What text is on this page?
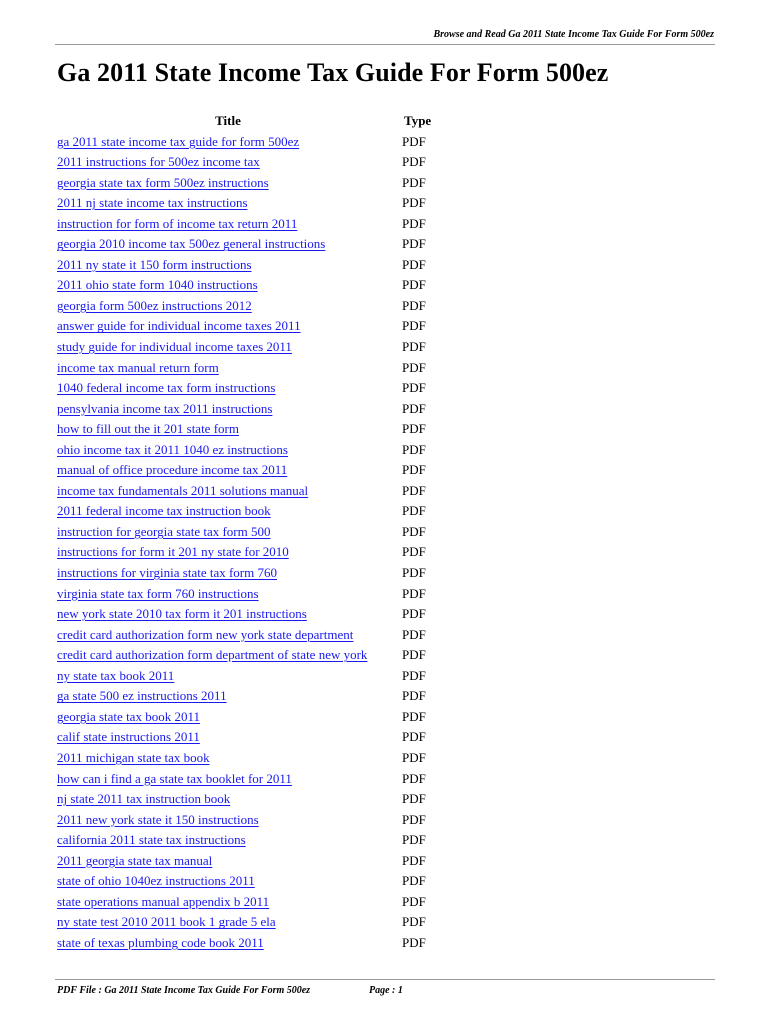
Browse and Read Ga 2011 State Income Tax Guide For Form 500ez
Ga 2011 State Income Tax Guide For Form 500ez
Title	Type
ga 2011 state income tax guide for form 500ez	PDF
2011 instructions for 500ez income tax	PDF
georgia state tax form 500ez instructions	PDF
2011 nj state income tax instructions	PDF
instruction for form of income tax return 2011	PDF
georgia 2010 income tax 500ez general instructions	PDF
2011 ny state it 150 form instructions	PDF
2011 ohio state form 1040 instructions	PDF
georgia form 500ez instructions 2012	PDF
answer guide for individual income taxes 2011	PDF
study guide for individual income taxes 2011	PDF
income tax manual return form	PDF
1040 federal income tax form instructions	PDF
pensylvania income tax 2011 instructions	PDF
how to fill out the it 201 state form	PDF
ohio income tax it 2011 1040 ez instructions	PDF
manual of office procedure income tax 2011	PDF
income tax fundamentals 2011 solutions manual	PDF
2011 federal income tax instruction book	PDF
instruction for georgia state tax form 500	PDF
instructions for form it 201 ny state for 2010	PDF
instructions for virginia state tax form 760	PDF
virginia state tax form 760 instructions	PDF
new york state 2010 tax form it 201 instructions	PDF
credit card authorization form new york state department	PDF
credit card authorization form department of state new york	PDF
ny state tax book 2011	PDF
ga state 500 ez instructions 2011	PDF
georgia state tax book 2011	PDF
calif state instructions 2011	PDF
2011 michigan state tax book	PDF
how can i find a ga state tax booklet for 2011	PDF
nj state 2011 tax instruction book	PDF
2011 new york state it 150 instructions	PDF
california 2011 state tax instructions	PDF
2011 georgia state tax manual	PDF
state of ohio 1040ez instructions 2011	PDF
state operations manual appendix b 2011	PDF
ny state test 2010 2011 book 1 grade 5 ela	PDF
state of texas plumbing code book 2011	PDF
PDF File : Ga 2011 State Income Tax Guide For Form 500ez	Page : 1
